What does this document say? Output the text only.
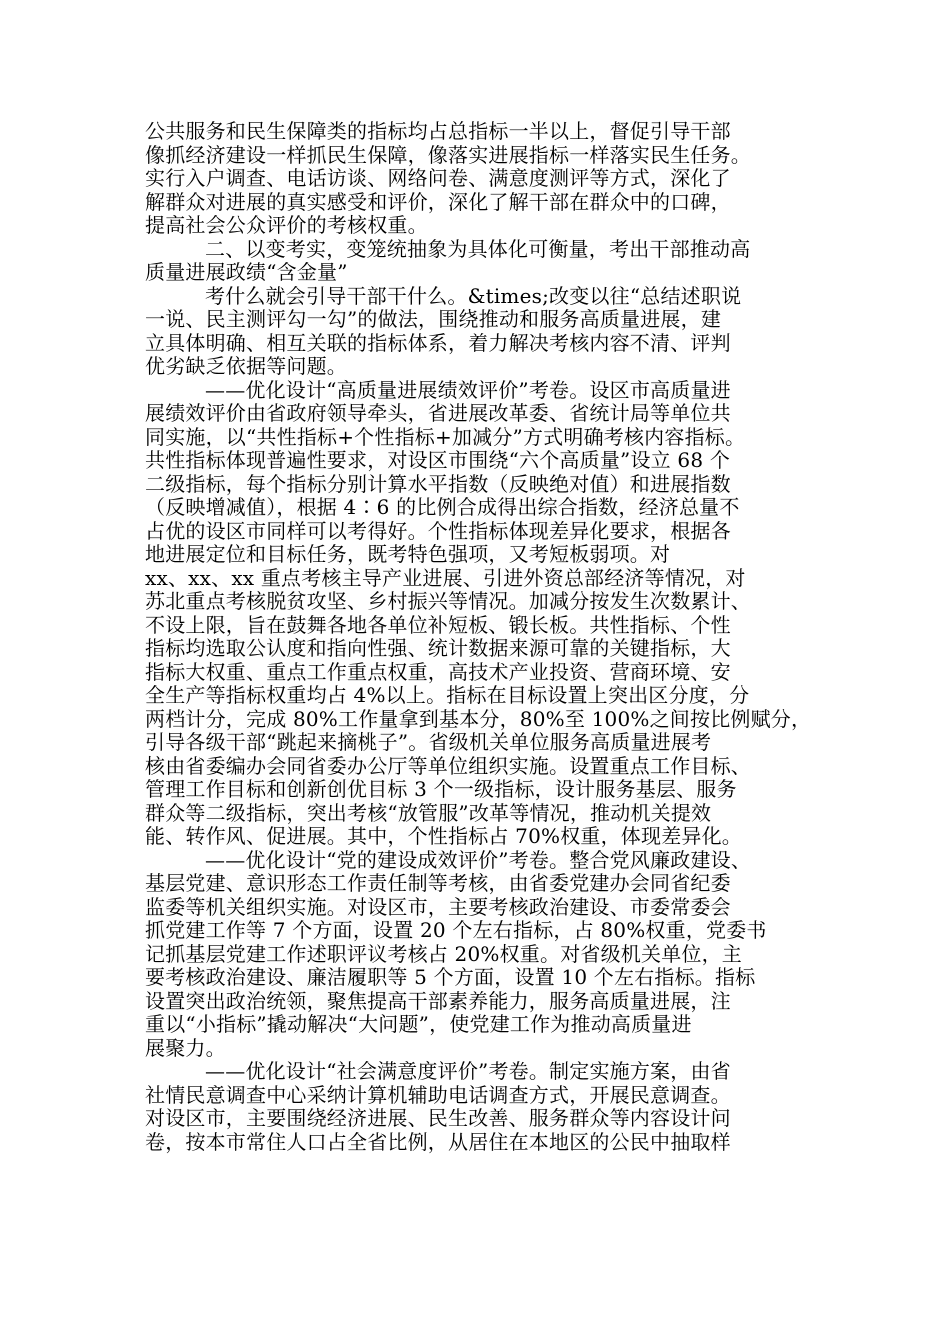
公共服务和民生保障类的指标均占总指标一半以上，督促引导干部
像抓经济建设一样抓民生保障，像落实进展指标一样落实民生任务。
实行入户调查、电话访谈、网络问卷、满意度测评等方式，深化了
解群众对进展的真实感受和评价，深化了解干部在群众中的口碑，
提高社会公众评价的考核权重。
二、以变考实，变笼统抽象为具体化可衡量，考出干部推动高
质量进展政绩“含金量”
考什么就会引导干部干什么。&times;改变以往“总结述职说
一说、民主测评勾一勾”的做法，围绕推动和服务高质量进展，建
立具体明确、相互关联的指标体系，着力解决考核内容不清、评判
优劣缺乏依据等问题。
——优化设计“高质量进展绩效评价”考卷。设区市高质量进
展绩效评价由省政府领导牵头，省进展改革委、省统计局等单位共
同实施，以“共性指标+个性指标+加减分”方式明确考核内容指标。
共性指标体现普遍性要求，对设区市围绕“六个高质量”设立 68 个
二级指标，每个指标分别计算水平指数（反映绝对值）和进展指数
（反映增减值），根据 4∶6 的比例合成得出综合指数，经济总量不
占优的设区市同样可以考得好。个性指标体现差异化要求，根据各
地进展定位和目标任务，既考特色强项，又考短板弱项。对
xx、xx、xx 重点考核主导产业进展、引进外资总部经济等情况，对
苏北重点考核脱贫攻坚、乡村振兴等情况。加减分按发生次数累计、
不设上限，旨在鼓舞各地各单位补短板、锻长板。共性指标、个性
指标均选取公认度和指向性强、统计数据来源可靠的关键指标，大
指标大权重、重点工作重点权重，高技术产业投资、营商环境、安
全生产等指标权重均占 4%以上。指标在目标设置上突出区分度，分
两档计分，完成 80%工作量拿到基本分，80%至 100%之间按比例赋分，
引导各级干部“跳起来摘桃子”。省级机关单位服务高质量进展考
核由省委编办会同省委办公厅等单位组织实施。设置重点工作目标、
管理工作目标和创新创优目标 3 个一级指标，设计服务基层、服务
群众等二级指标，突出考核“放管服”改革等情况，推动机关提效
能、转作风、促进展。其中，个性指标占 70%权重，体现差异化。
——优化设计“党的建设成效评价”考卷。整合党风廉政建设、
基层党建、意识形态工作责任制等考核，由省委党建办会同省纪委
监委等机关组织实施。对设区市，主要考核政治建设、市委常委会
抓党建工作等 7 个方面，设置 20 个左右指标，占 80%权重，党委书
记抓基层党建工作述职评议考核占 20%权重。对省级机关单位，主
要考核政治建设、廉洁履职等 5 个方面，设置 10 个左右指标。指标
设置突出政治统领，聚焦提高干部素养能力，服务高质量进展，注
重以“小指标”撬动解决“大问题”，使党建工作为推动高质量进
展聚力。
——优化设计“社会满意度评价”考卷。制定实施方案，由省
社情民意调查中心采纳计算机辅助电话调查方式，开展民意调查。
对设区市，主要围绕经济进展、民生改善、服务群众等内容设计问
卷，按本市常住人口占全省比例，从居住在本地区的公民中抽取样
